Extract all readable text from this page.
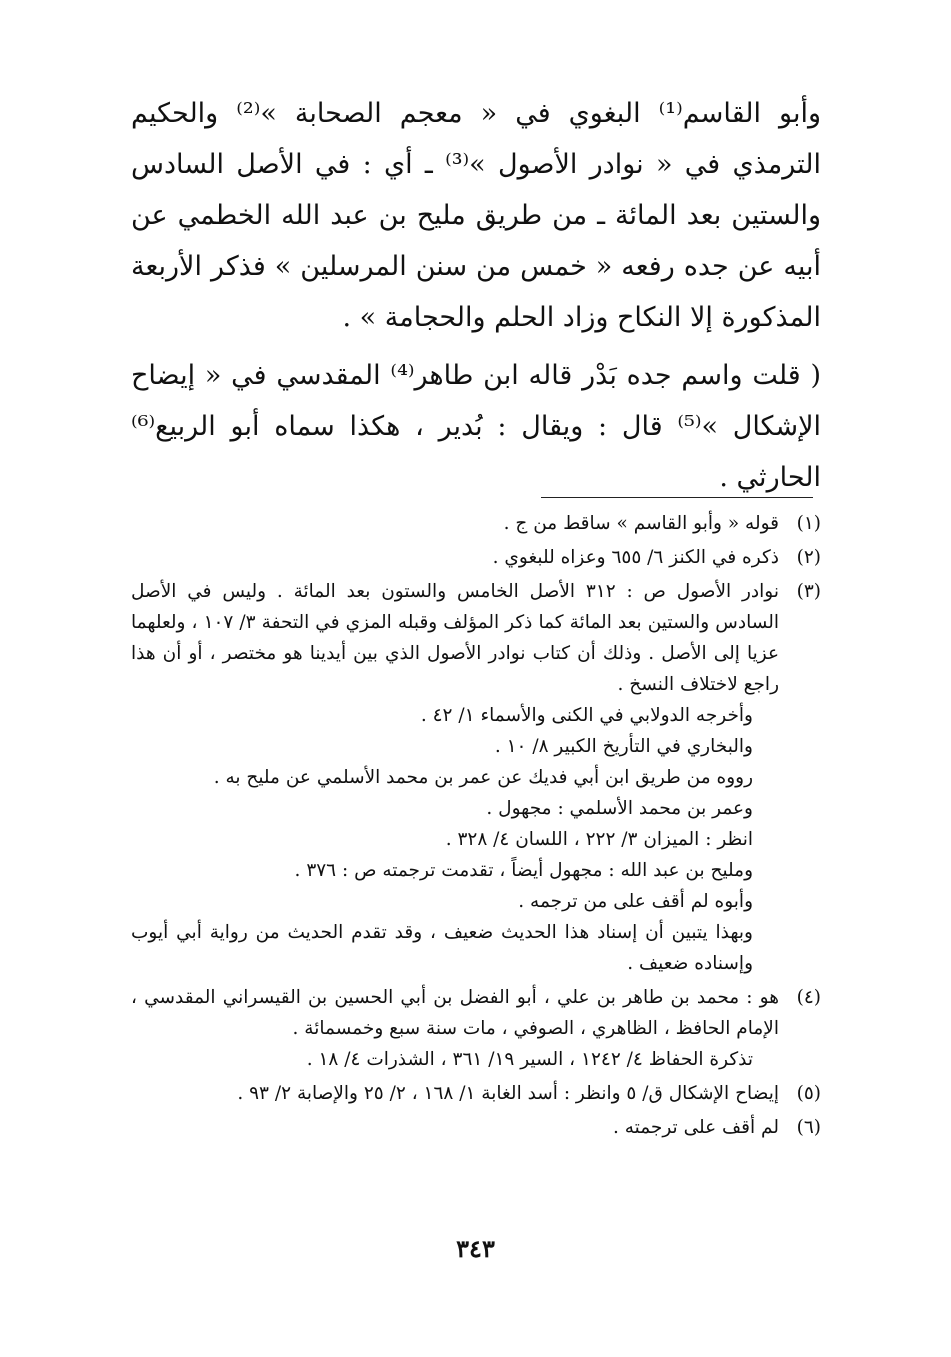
وأبو القاسم⁽¹⁾ البغوي في « معجم الصحابة »⁽²⁾ والحكيم الترمذي في « نوادر الأصول »⁽³⁾ ـ أي : في الأصل السادس والستين بعد المائة ـ من طريق مليح بن عبد الله الخطمي عن أبيه عن جده رفعه « خمس من سنن المرسلين » فذكر الأربعة المذكورة إلا النكاح وزاد الحلم والحجامة » .

( قلت واسم جده بَدْر قاله ابن طاهر⁽⁴⁾ المقدسي في « إيضاح الإشكال »⁽⁵⁾ قال : ويقال : بُدير ، هكذا سماه أبو الربيع⁽⁶⁾ الحارثي .

(١)

قوله « وأبو القاسم » ساقط من ج .

(٢)

ذكره في الكنز ٦/ ٦٥٥ وعزاه للبغوي .

(٣)

نوادر الأصول ص : ٣١٢ الأصل الخامس والستون بعد المائة . وليس في الأصل السادس والستين بعد المائة كما ذكر المؤلف وقبله المزي في التحفة ٣/ ١٠٧ ، ولعلهما عزيا إلى الأصل . وذلك أن كتاب نوادر الأصول الذي بين أيدينا هو مختصر ، أو أن هذا راجع لاختلاف النسخ .

وأخرجه الدولابي في الكنى والأسماء ١/ ٤٢ .

والبخاري في التأريخ الكبير ٨/ ١٠ .

رووه من طريق ابن أبي فديك عن عمر بن محمد الأسلمي عن مليح به .

وعمر بن محمد الأسلمي : مجهول .

انظر : الميزان ٣/ ٢٢٢ ، اللسان ٤/ ٣٢٨ .

ومليح بن عبد الله : مجهول أيضاً ، تقدمت ترجمته ص : ٣٧٦ .

وأبوه لم أقف على من ترجمه .

وبهذا يتبين أن إسناد هذا الحديث ضعيف ، وقد تقدم الحديث من رواية أبي أيوب وإسناده ضعيف .

(٤)

هو : محمد بن طاهر بن علي ، أبو الفضل بن أبي الحسين بن القيسراني المقدسي ، الإمام الحافظ ، الظاهري ، الصوفي ، مات سنة سبع وخمسمائة .

تذكرة الحفاظ ٤/ ١٢٤٢ ، السير ١٩/ ٣٦١ ، الشذرات ٤/ ١٨ .

(٥)

إيضاح الإشكال ق/ ٥ وانظر : أسد الغابة ١/ ١٦٨ ، ٢/ ٢٥ والإصابة ٢/ ٩٣ .

(٦)

لم أقف على ترجمته .

٣٤٣
